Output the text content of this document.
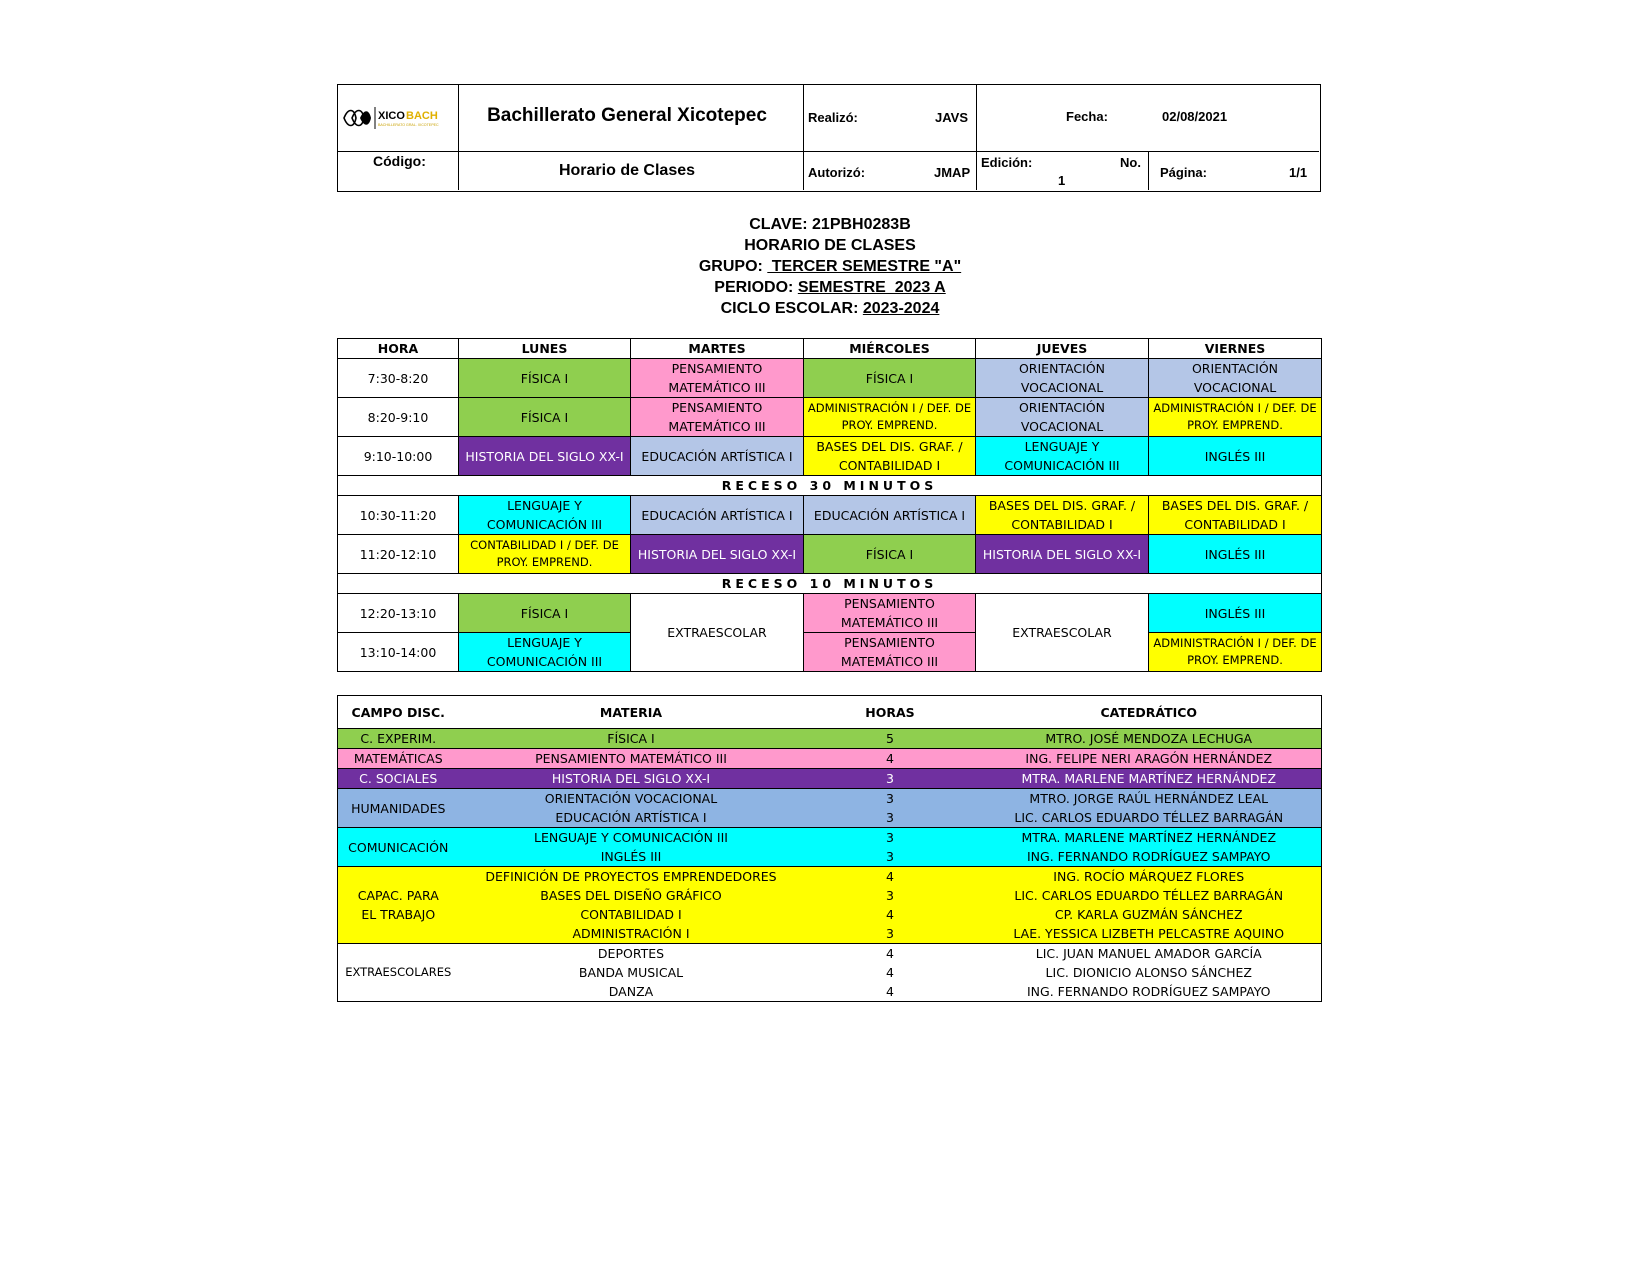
XICO BACH
BACHILLERATO GRAL. XICOTEPEC	Bachillerato General Xicotepec
Horario de Clases
Código:
Realizó:	JAVS
Autorizó:	JMAP
Fecha:	02/08/2021
Edición:	No.
1
Página:	1/1
CLAVE: 21PBH0283B
HORARIO DE CLASES
GRUPO:  TERCER SEMESTRE "A"
PERIODO: SEMESTRE  2023 A
CICLO ESCOLAR: 2023-2024
HORA	LUNES	MARTES	MIÉRCOLES	JUEVES	VIERNES
7:30-8:20	FÍSICA I	PENSAMIENTO MATEMÁTICO III	FÍSICA I	ORIENTACIÓN VOCACIONAL	ORIENTACIÓN VOCACIONAL
8:20-9:10	FÍSICA I	PENSAMIENTO MATEMÁTICO III	ADMINISTRACIÓN I / DEF. DE PROY. EMPREND.	ORIENTACIÓN VOCACIONAL	ADMINISTRACIÓN I / DEF. DE PROY. EMPREND.
9:10-10:00	HISTORIA DEL SIGLO XX-I	EDUCACIÓN ARTÍSTICA I	BASES DEL DIS. GRAF. / CONTABILIDAD I	LENGUAJE Y COMUNICACIÓN III	INGLÉS III
RECESO 30 MINUTOS					
10:30-11:20	LENGUAJE Y COMUNICACIÓN III	EDUCACIÓN ARTÍSTICA I	EDUCACIÓN ARTÍSTICA I	BASES DEL DIS. GRAF. / CONTABILIDAD I	BASES DEL DIS. GRAF. / CONTABILIDAD I
11:20-12:10	CONTABILIDAD I / DEF. DE PROY. EMPREND.	HISTORIA DEL SIGLO XX-I	FÍSICA I	HISTORIA DEL SIGLO XX-I	INGLÉS III
RECESO 10 MINUTOS					
12:20-13:10	FÍSICA I	EXTRAESCOLAR	PENSAMIENTO MATEMÁTICO III	EXTRAESCOLAR	INGLÉS III
13:10-14:00	LENGUAJE Y COMUNICACIÓN III		PENSAMIENTO MATEMÁTICO III		ADMINISTRACIÓN I / DEF. DE PROY. EMPREND.
CAMPO DISC.	MATERIA	HORAS	CATEDRÁTICO
C. EXPERIM.	FÍSICA I	5	MTRO. JOSÉ MENDOZA LECHUGA
MATEMÁTICAS	PENSAMIENTO MATEMÁTICO III	4	ING. FELIPE NERI ARAGÓN HERNÁNDEZ
C. SOCIALES	HISTORIA DEL SIGLO XX-I	3	MTRA. MARLENE MARTÍNEZ HERNÁNDEZ
HUMANIDADES	ORIENTACIÓN VOCACIONAL	3	MTRO. JORGE RAÚL HERNÁNDEZ LEAL
	EDUCACIÓN ARTÍSTICA I	3	LIC. CARLOS EDUARDO TÉLLEZ BARRAGÁN
COMUNICACIÓN	LENGUAJE Y COMUNICACIÓN III	3	MTRA. MARLENE MARTÍNEZ HERNÁNDEZ
	INGLÉS III	3	ING. FERNANDO RODRÍGUEZ SAMPAYO
CAPAC. PARA EL TRABAJO	DEFINICIÓN DE PROYECTOS EMPRENDEDORES	4	ING. ROCÍO MÁRQUEZ FLORES
	BASES DEL DISEÑO GRÁFICO	3	LIC. CARLOS EDUARDO TÉLLEZ BARRAGÁN
	CONTABILIDAD I	4	CP. KARLA GUZMÁN SÁNCHEZ
	ADMINISTRACIÓN I	3	LAE. YESSICA LIZBETH PELCASTRE AQUINO
EXTRAESCOLARES	DEPORTES	4	LIC. JUAN MANUEL AMADOR GARCÍA
	BANDA MUSICAL	4	LIC. DIONICIO ALONSO SÁNCHEZ
	DANZA	4	ING. FERNANDO RODRÍGUEZ SAMPAYO
